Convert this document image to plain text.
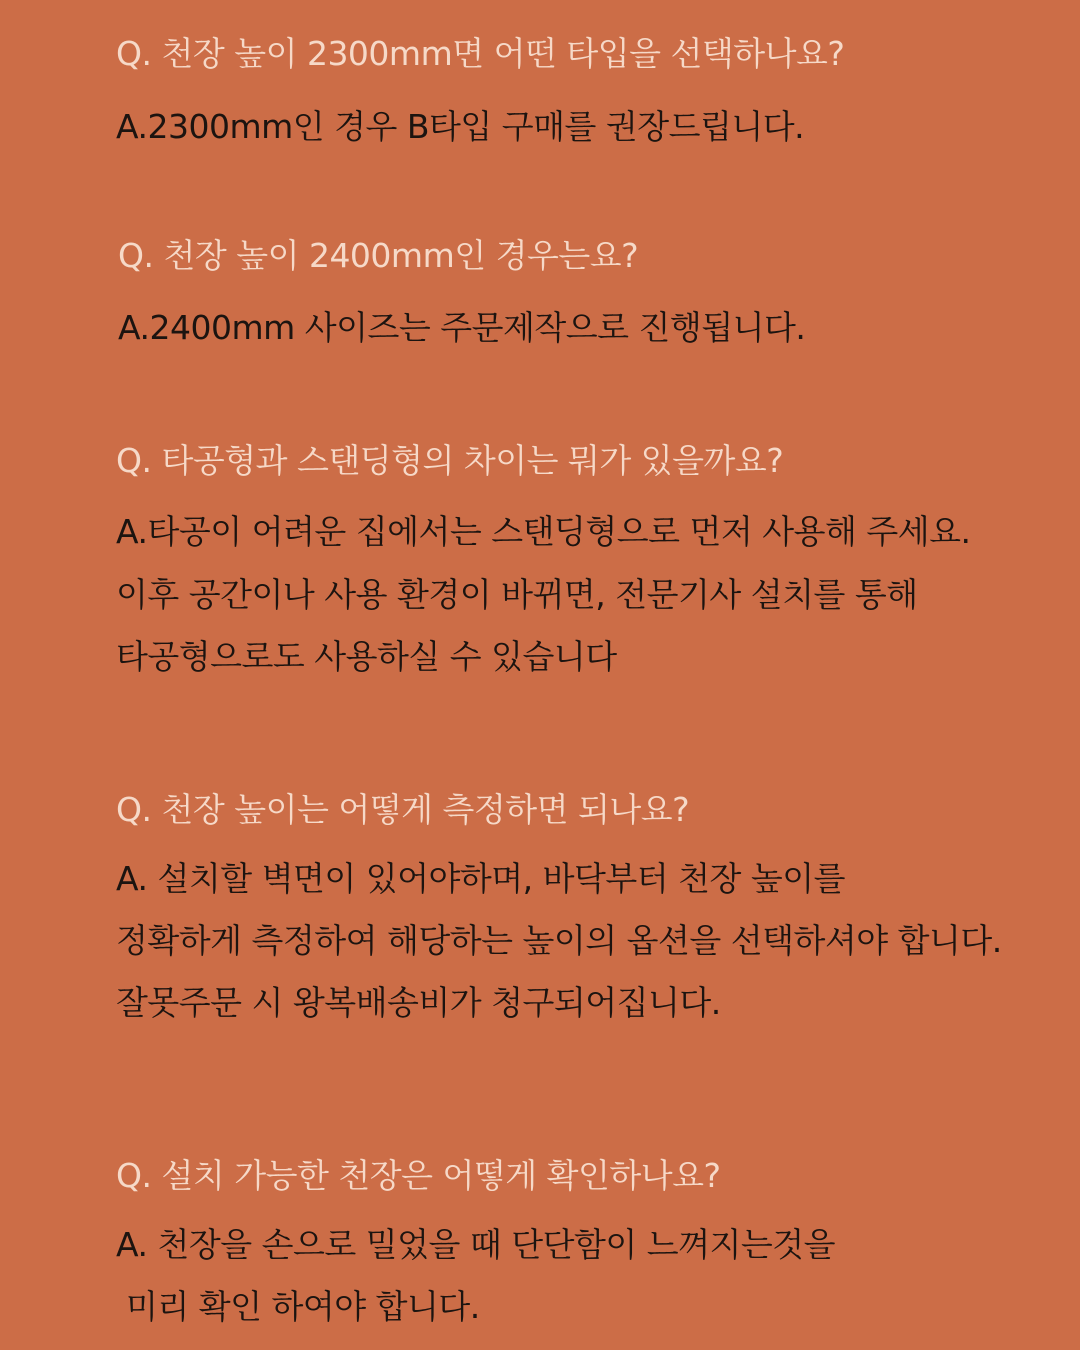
Q. 천장 높이 2300mm면 어떤 타입을 선택하나요?

A.2300mm인 경우 B타입 구매를 권장드립니다.

Q. 천장 높이 2400mm인 경우는요?

A.2400mm 사이즈는 주문제작으로 진행됩니다.

Q. 타공형과 스탠딩형의 차이는 뭐가 있을까요?

A.타공이 어려운 집에서는 스탠딩형으로 먼저 사용해 주세요.

이후 공간이나 사용 환경이 바뀌면, 전문기사 설치를 통해

타공형으로도 사용하실 수 있습니다

Q. 천장 높이는 어떻게 측정하면 되나요?

A. 설치할 벽면이 있어야하며, 바닥부터 천장 높이를

정확하게 측정하여 해당하는 높이의 옵션을 선택하셔야 합니다.

잘못주문 시 왕복배송비가 청구되어집니다.

Q. 설치 가능한 천장은 어떻게 확인하나요?

A. 천장을 손으로 밀었을 때 단단함이 느껴지는것을

미리 확인 하여야 합니다.
